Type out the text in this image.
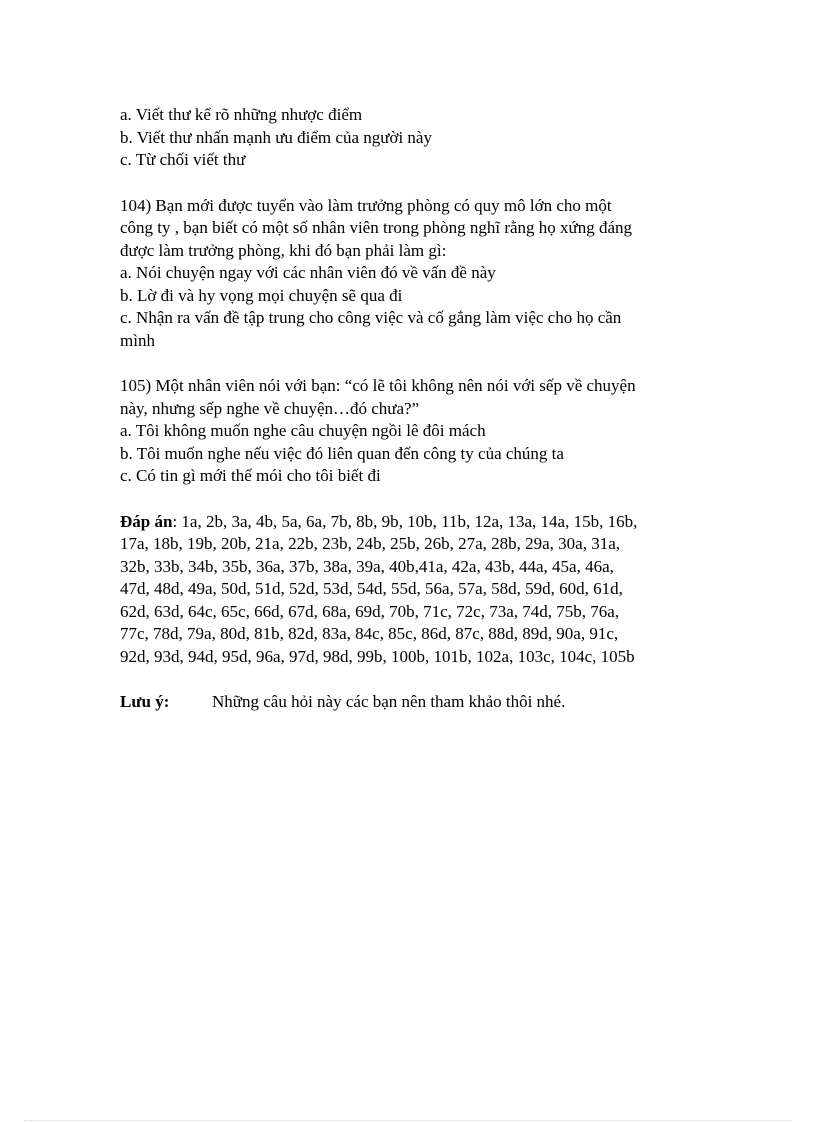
a. Viết thư kể rõ những nhược điểm

b. Viết thư nhấn mạnh ưu điểm của người này

c. Từ chối viết thư

104) Bạn mới được tuyển vào làm trưởng phòng có quy mô lớn cho một

công ty , bạn biết có một số nhân viên trong phòng nghĩ rằng họ xứng đáng

được làm trưởng phòng, khi đó bạn phải làm gì:

a. Nói chuyện ngay với các nhân viên đó về vấn đề này

b. Lờ đi và hy vọng mọi chuyện sẽ qua đi

c. Nhận ra vấn đề tập trung cho công việc và cố gắng làm việc cho họ cần

mình

105) Một nhân viên nói với bạn: “có lẽ tôi không nên nói với sếp về chuyện

này, nhưng sếp nghe về chuyện…đó chưa?”

a. Tôi không muốn nghe câu chuyện ngồi lê đôi mách

b. Tôi muốn nghe nếu việc đó liên quan đến công ty của chúng ta

c. Có tin gì mới thế mói cho tôi biết đi

Đáp án: 1a, 2b, 3a, 4b, 5a, 6a, 7b, 8b, 9b, 10b, 11b, 12a, 13a, 14a, 15b, 16b,

17a, 18b, 19b, 20b, 21a, 22b, 23b, 24b, 25b, 26b, 27a, 28b, 29a, 30a, 31a,

32b, 33b, 34b, 35b, 36a, 37b, 38a, 39a, 40b,41a, 42a, 43b, 44a, 45a, 46a,

47d, 48d, 49a, 50d, 51d, 52d, 53d, 54d, 55d, 56a, 57a, 58d, 59d, 60d, 61d,

62d, 63d, 64c, 65c, 66d, 67d, 68a, 69d, 70b, 71c, 72c, 73a, 74d, 75b, 76a,

77c, 78d, 79a, 80d, 81b, 82d, 83a, 84c, 85c, 86d, 87c, 88d, 89d, 90a, 91c,

92d, 93d, 94d, 95d, 96a, 97d, 98d, 99b, 100b, 101b, 102a, 103c, 104c, 105b

Lưu ý:	Những câu hỏi này các bạn nên tham khảo thôi nhé.
